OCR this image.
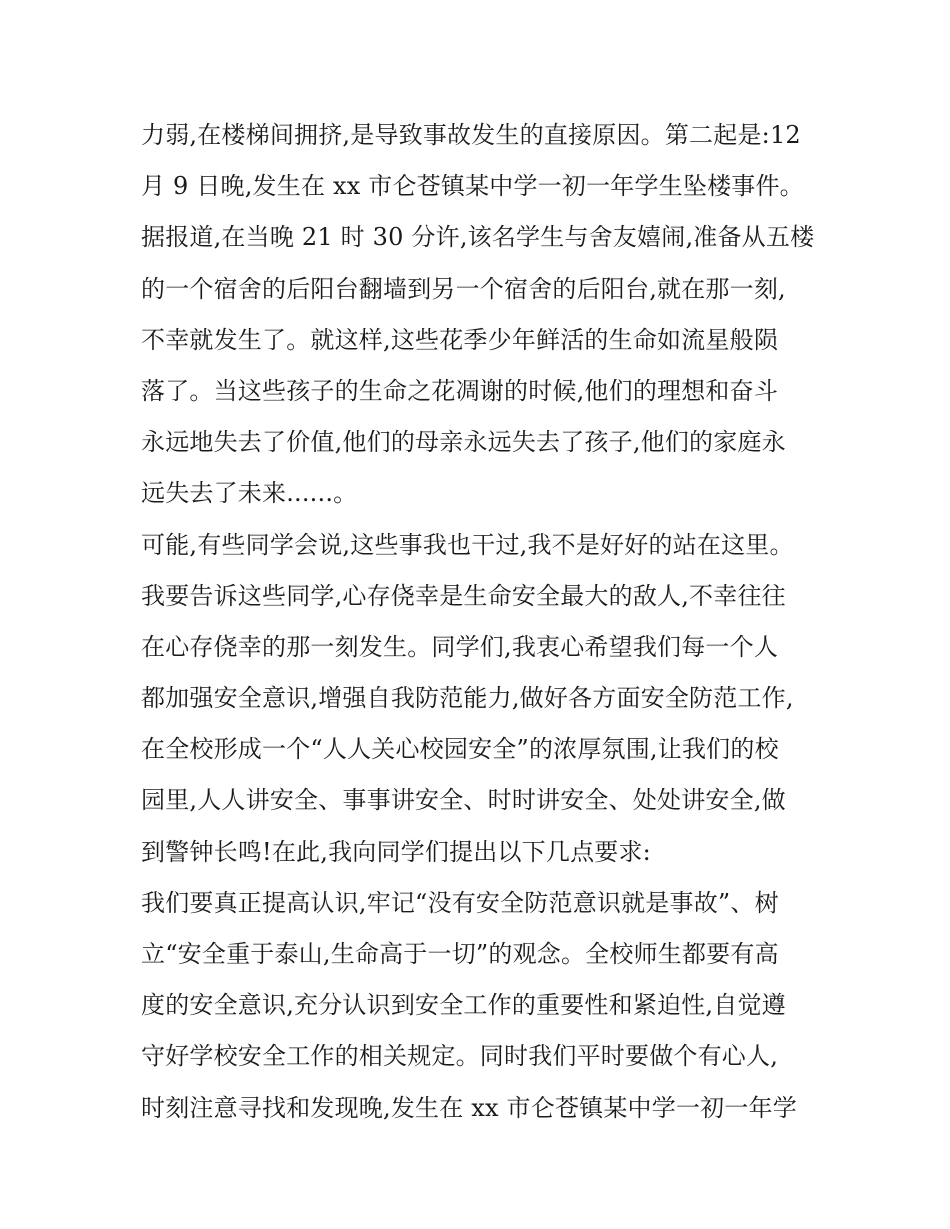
力弱,在楼梯间拥挤,是导致事故发生的直接原因。第二起是:12
月 9 日晚,发生在 xx 市仑苍镇某中学一初一年学生坠楼事件。
据报道,在当晚 21 时 30 分许,该名学生与舍友嬉闹,准备从五楼
的一个宿舍的后阳台翻墙到另一个宿舍的后阳台,就在那一刻,
不幸就发生了。就这样,这些花季少年鲜活的生命如流星般陨
落了。当这些孩子的生命之花凋谢的时候,他们的理想和奋斗
永远地失去了价值,他们的母亲永远失去了孩子,他们的家庭永
远失去了未来......。
可能,有些同学会说,这些事我也干过,我不是好好的站在这里。
我要告诉这些同学,心存侥幸是生命安全最大的敌人,不幸往往
在心存侥幸的那一刻发生。同学们,我衷心希望我们每一个人
都加强安全意识,增强自我防范能力,做好各方面安全防范工作,
在全校形成一个“人人关心校园安全”的浓厚氛围,让我们的校
园里,人人讲安全、事事讲安全、时时讲安全、处处讲安全,做
到警钟长鸣!在此,我向同学们提出以下几点要求:
我们要真正提高认识,牢记“没有安全防范意识就是事故”、树
立“安全重于泰山,生命高于一切”的观念。全校师生都要有高
度的安全意识,充分认识到安全工作的重要性和紧迫性,自觉遵
守好学校安全工作的相关规定。同时我们平时要做个有心人,
时刻注意寻找和发现晚,发生在 xx 市仑苍镇某中学一初一年学
